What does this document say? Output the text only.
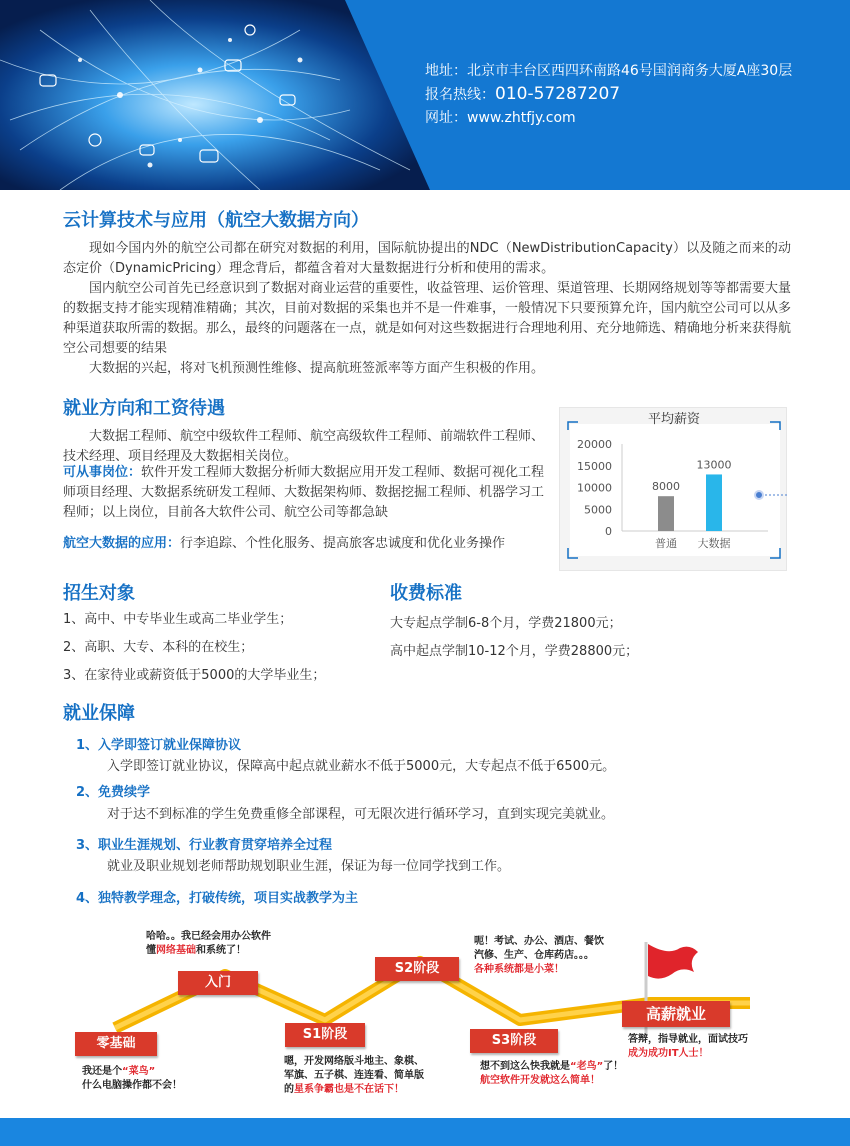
地址：北京市丰台区西四环南路46号国润商务大厦A座30层
报名热线：010-57287207
网址：www.zhtfjy.com
云计算技术与应用（航空大数据方向）
现如今国内外的航空公司都在研究对数据的利用，国际航协提出的NDC（NewDistributionCapacity）以及随之而来的动态定价（DynamicPricing）理念背后，都蕴含着对大量数据进行分析和使用的需求。
国内航空公司首先已经意识到了数据对商业运营的重要性，收益管理、运价管理、渠道管理、长期网络规划等等都需要大量的数据支持才能实现精准精确；其次，目前对数据的采集也并不是一件难事，一般情况下只要预算允许，国内航空公司可以从多种渠道获取所需的数据。那么，最终的问题落在一点，就是如何对这些数据进行合理地利用、充分地筛选、精确地分析来获得航空公司想要的结果
大数据的兴起，将对飞机预测性维修、提高航班签派率等方面产生积极的作用。
就业方向和工资待遇
大数据工程师、航空中级软件工程师、航空高级软件工程师、前端软件工程师、技术经理、项目经理及大数据相关岗位。
可从事岗位：软件开发工程师大数据分析师大数据应用开发工程师、数据可视化工程师项目经理、大数据系统研发工程师、大数据架构师、数据挖掘工程师、机器学习工程师；以上岗位，目前各大软件公司、航空公司等都急缺
航空大数据的应用：行李追踪、个性化服务、提高旅客忠诚度和优化业务操作
平均薪资
20000
15000
10000
5000
0
8000
普通
13000
大数据
招生对象
1、高中、中专毕业生或高二毕业学生；
2、高职、大专、本科的在校生；
3、在家待业或薪资低于5000的大学毕业生；
收费标准
大专起点学制6-8个月，学费21800元；
高中起点学制10-12个月，学费28800元；
就业保障
1、入学即签订就业保障协议
入学即签订就业协议，保障高中起点就业薪水不低于5000元，大专起点不低于6500元。
2、免费续学
对于达不到标准的学生免费重修全部课程，可无限次进行循环学习，直到实现完美就业。
3、职业生涯规划、行业教育贯穿培养全过程
就业及职业规划老师帮助规划职业生涯，保证为每一位同学找到工作。
4、独特教学理念，打破传统，项目实战教学为主
零基础
入门
S1阶段
S2阶段
S3阶段
高薪就业
我还是个“菜鸟”
什么电脑操作都不会！
哈哈。。我已经会用办公软件
懂网络基础和系统了！
嗯，开发网络版斗地主、象棋、
军旗、五子棋、连连看、简单版
的星系争霸也是不在话下！
呃！考试、办公、酒店、餐饮
汽修、生产、仓库药店。。。
各种系统都是小菜！
想不到这么快我就是“老鸟”了！
航空软件开发就这么简单！
答辩，指导就业，面试技巧
成为成功IT人士！
